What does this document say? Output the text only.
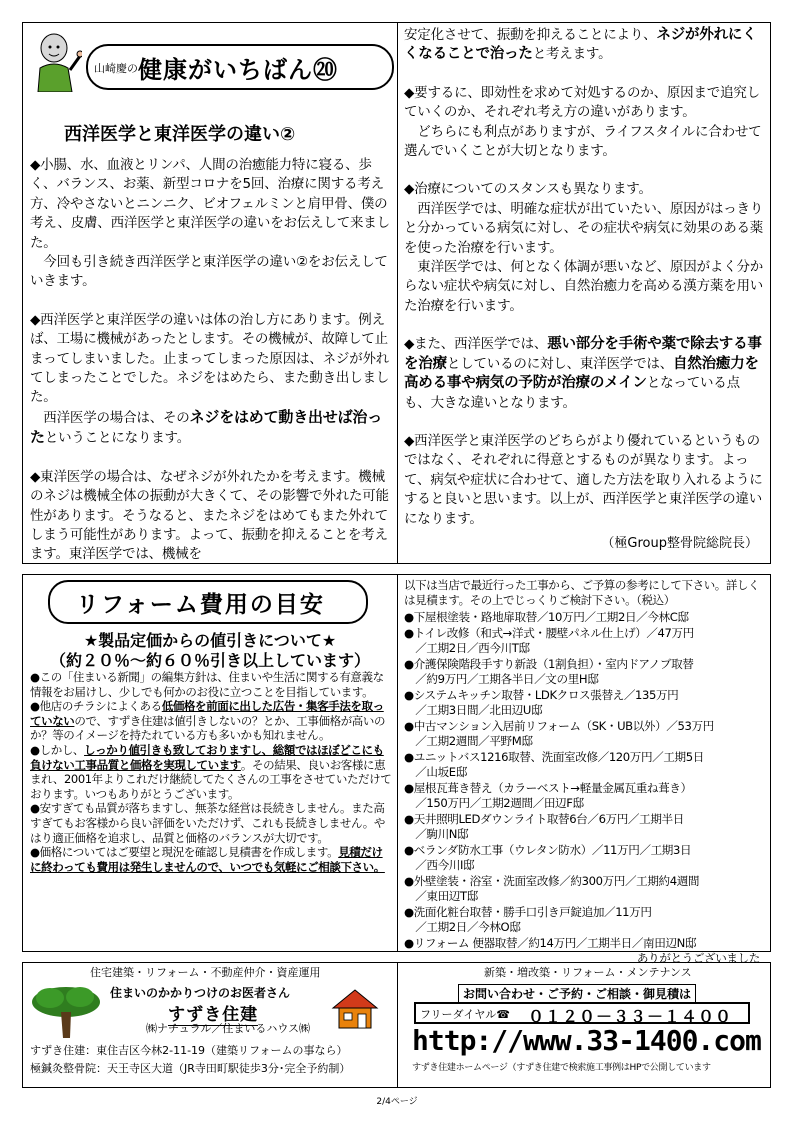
山崎慶の 健康がいちばん⑳
西洋医学と東洋医学の違い②
◆小腸、水、血液とリンパ、人間の治癒能力特に寝る、歩く、バランス、お薬、新型コロナを5回、治療に関する考え方、冷やさないとニンニク、ビオフェルミンと肩甲骨、僕の考え、皮膚、西洋医学と東洋医学の違いをお伝えして来ました。
　今回も引き続き西洋医学と東洋医学の違い②をお伝えしていきます。
◆西洋医学と東洋医学の違いは体の治し方にあります。例えば、工場に機械があったとします。その機械が、故障して止まってしまいました。止まってしまった原因は、ネジが外れてしまったことでした。ネジをはめたら、また動き出しました。
　西洋医学の場合は、そのネジをはめて動き出せば治ったということになります。
◆東洋医学の場合は、なぜネジが外れたかを考えます。機械のネジは機械全体の振動が大きくて、その影響で外れた可能性があります。そうなると、またネジをはめてもまた外れてしまう可能性があります。よって、振動を抑えることを考えます。東洋医学では、機械を
安定化させて、振動を抑えることにより、ネジが外れにくくなることで治ったと考えます。
◆要するに、即効性を求めて対処するのか、原因まで追究していくのか、それぞれ考え方の違いがあります。
　どちらにも利点がありますが、ライフスタイルに合わせて選んでいくことが大切となります。
◆治療についてのスタンスも異なります。
　西洋医学では、明確な症状が出ていたい、原因がはっきりと分かっている病気に対し、その症状や病気に効果のある薬を使った治療を行います。
　東洋医学では、何となく体調が悪いなど、原因がよく分からない症状や病気に対し、自然治癒力を高める漢方薬を用いた治療を行います。
◆また、西洋医学では、悪い部分を手術や薬で除去する事を治療としているのに対し、東洋医学では、自然治癒力を高める事や病気の予防が治療のメインとなっている点も、大きな違いとなります。
◆西洋医学と東洋医学のどちらがより優れているというものではなく、それぞれに得意とするものが異なります。よって、病気や症状に合わせて、適した方法を取り入れるようにすると良いと思います。以上が、西洋医学と東洋医学の違いになります。
（極Group整骨院総院長）
リフォーム費用の目安
★製品定価からの値引きについて★
（約２０％～約６０％引き以上しています）
●この「住まいる新聞」の編集方針は、住まいや生活に関する有意義な情報をお届けし、少しでも何かのお役に立つことを目指しています。
●他店のチラシによくある低価格を前面に出した広告・集客手法を取っていないので、すずき住建は値引きしないの？とか、工事価格が高いのか？等のイメージを持たれている方も多いかも知れません。
●しかし、しっかり値引きも致しておりますし、総額ではほぼどこにも負けない工事品質と価格を実現しています。その結果、良いお客様に恵まれ、2001年よりこれだけ継続してたくさんの工事をさせていただけております。いつもありがとうございます。
●安すぎても品質が落ちますし、無茶な経営は長続きしません。また高すぎてもお客様から良い評価をいただけず、これも長続きしません。やはり適正価格を追求し、品質と価格のバランスが大切です。
●価格についてはご要望と現況を確認し見積書を作成します。見積だけに終わっても費用は発生しませんので、いつでも気軽にご相談下さい。
以下は当店で最近行った工事から、ご予算の参考にして下さい。詳しくは見積ます。その上でじっくりご検討下さい。（税込）
●下屋根塗装・路地扉取替／10万円／工期2日／今林C邸
●トイレ改修（和式→洋式・腰壁パネル仕上げ）／47万円
　／工期2日／西今川T邸
●介護保険階段手すり新設（1割負担）・室内ドアノブ取替
　／約9万円／工期各半日／文の里H邸
●システムキッチン取替・LDKクロス張替え／135万円
　／工期3日間／北田辺U邸
●中古マンション入居前リフォーム（SK・UB以外）／53万円
　／工期2週間／平野M邸
●ユニットバス1216取替、洗面室改修／120万円／工期5日
　／山坂E邸
●屋根瓦葺き替え（カラーベスト→軽量金属瓦重ね葺き）
　／150万円／工期2週間／田辺F邸
●天井照明LEDダウンライト取替6台／6万円／工期半日
　／駒川N邸
●ベランダ防水工事（ウレタン防水）／11万円／工期3日
　／西今川I邸
●外壁塗装・浴室・洗面室改修／約300万円／工期約4週間
　／東田辺T邸
●洗面化粧台取替・勝手口引き戸錠追加／11万円
　／工期2日／今林O邸
●リフォーム 便器取替／約14万円／工期半日／南田辺N邸
ありがとうございました
住宅建築・リフォーム・不動産仲介・資産運用
住まいのかかりつけのお医者さん
すずき住建
㈱ナチュラル／住まいるハウス㈱
すずき住建：東住吉区今林2-11-19（建築リフォームの事なら）
極鍼灸整骨院：天王寺区大道（JR寺田町駅徒歩3分･完全予約制）
新築・増改築・リフォーム・メンテナンス
お問い合わせ・ご予約・ご相談・御見積は
フリーダイヤル☎ ０１２０－３３－１４００
http://www.33-1400.com
すずき住建ホームページ（すずき住建で検索施工事例はHPで公開しています
2/4ページ
